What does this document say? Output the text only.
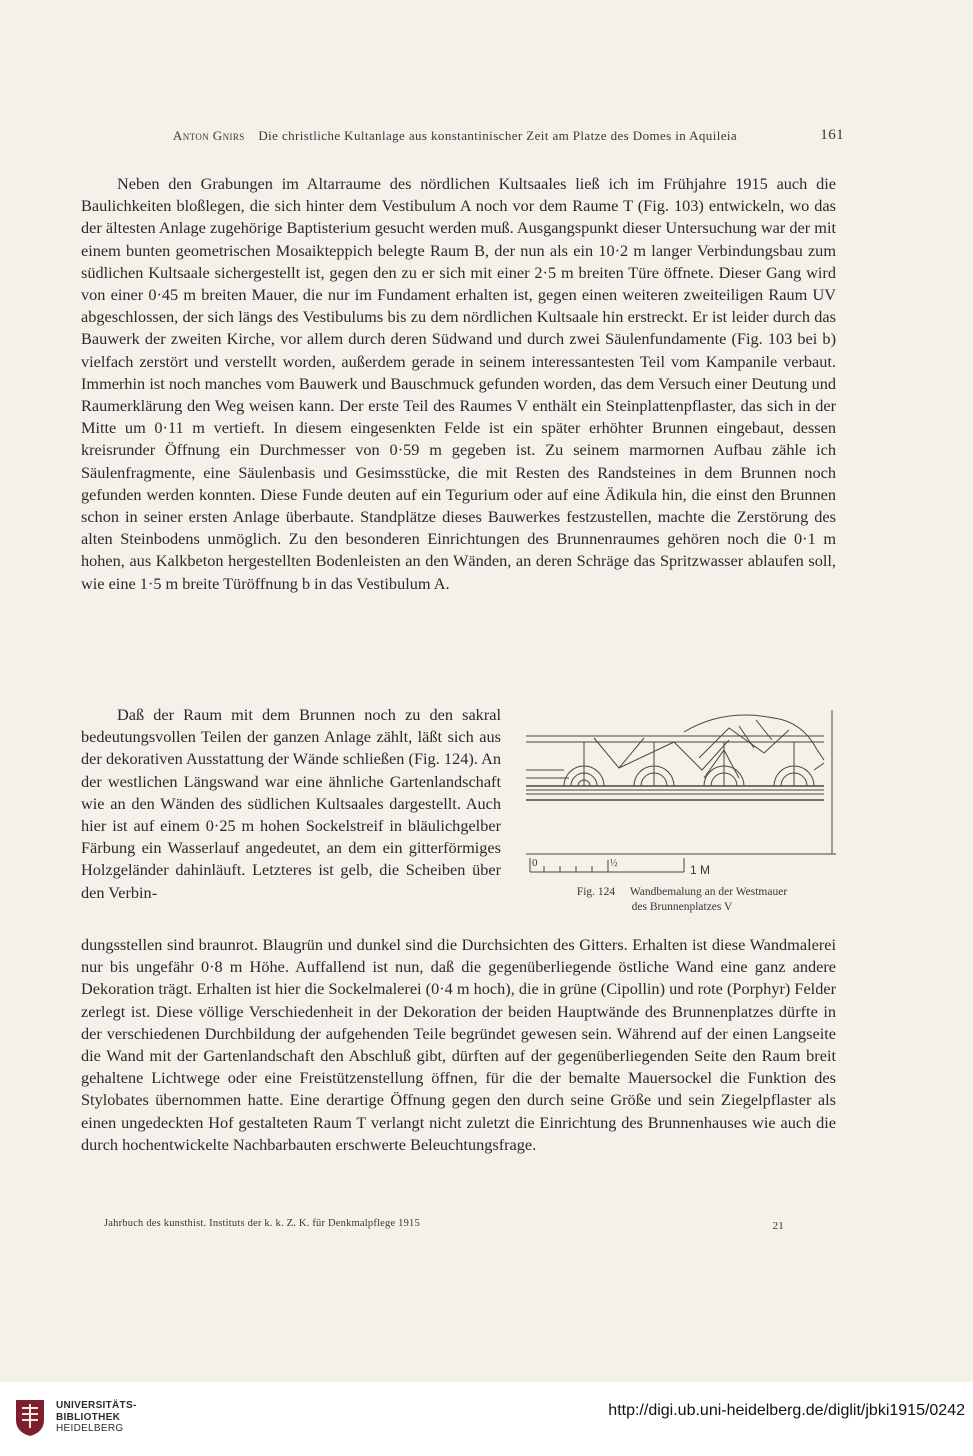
Anton Gnirs Die christliche Kultanlage aus konstantinischer Zeit am Platze des Domes in Aquileia	161

Neben den Grabungen im Altarraume des nördlichen Kultsaales ließ ich im Frühjahre 1915 auch die Baulichkeiten bloßlegen, die sich hinter dem Vestibulum A noch vor dem Raume T (Fig. 103) entwickeln, wo das der ältesten Anlage zugehörige Baptisterium gesucht werden muß. Ausgangspunkt dieser Untersuchung war der mit einem bunten geometrischen Mosaikteppich belegte Raum B, der nun als ein 10·2 m langer Verbindungsbau zum südlichen Kultsaale sichergestellt ist, gegen den zu er sich mit einer 2·5 m breiten Türe öffnete. Dieser Gang wird von einer 0·45 m breiten Mauer, die nur im Fundament erhalten ist, gegen einen weiteren zweiteiligen Raum UV abgeschlossen, der sich längs des Vestibulums bis zu dem nördlichen Kultsaale hin erstreckt. Er ist leider durch das Bauwerk der zweiten Kirche, vor allem durch deren Südwand und durch zwei Säulenfundamente (Fig. 103 bei b) vielfach zerstört und verstellt worden, außerdem gerade in seinem interessantesten Teil vom Kampanile verbaut. Immerhin ist noch manches vom Bauwerk und Bauschmuck gefunden worden, das dem Versuch einer Deutung und Raumerklärung den Weg weisen kann. Der erste Teil des Raumes V enthält ein Steinplattenpflaster, das sich in der Mitte um 0·11 m vertieft. In diesem eingesenkten Felde ist ein später erhöhter Brunnen eingebaut, dessen kreisrunder Öffnung ein Durchmesser von 0·59 m gegeben ist. Zu seinem marmornen Aufbau zähle ich Säulenfragmente, eine Säulenbasis und Gesimsstücke, die mit Resten des Randsteines in dem Brunnen noch gefunden werden konnten. Diese Funde deuten auf ein Tegurium oder auf eine Ädikula hin, die einst den Brunnen schon in seiner ersten Anlage überbaute. Standplätze dieses Bauwerkes festzustellen, machte die Zerstörung des alten Steinbodens unmöglich. Zu den besonderen Einrichtungen des Brunnenraumes gehören noch die 0·1 m hohen, aus Kalkbeton hergestellten Bodenleisten an den Wänden, an deren Schräge das Spritzwasser ablaufen soll, wie eine 1·5 m breite Türöffnung b in das Vestibulum A.

Daß der Raum mit dem Brunnen noch zu den sakral bedeutungsvollen Teilen der ganzen Anlage zählt, läßt sich aus der dekorativen Ausstattung der Wände schließen (Fig. 124). An der westlichen Längswand war eine ähnliche Gartenlandschaft wie an den Wänden des südlichen Kultsaales dargestellt. Auch hier ist auf einem 0·25 m hohen Sockelstreif in bläulichgelber Färbung ein Wasserlauf angedeutet, an dem ein gitterförmiges Holzgeländer dahinläuft. Letzteres ist gelb, die Scheiben über den Verbin-

0	½	1 M
Fig. 124 Wandbemalung an der Westmauer
des Brunnenplatzes V

dungsstellen sind braunrot. Blaugrün und dunkel sind die Durchsichten des Gitters. Erhalten ist diese Wandmalerei nur bis ungefähr 0·8 m Höhe. Auffallend ist nun, daß die gegenüberliegende östliche Wand eine ganz andere Dekoration trägt. Erhalten ist hier die Sockelmalerei (0·4 m hoch), die in grüne (Cipollin) und rote (Porphyr) Felder zerlegt ist. Diese völlige Verschiedenheit in der Dekoration der beiden Hauptwände des Brunnenplatzes dürfte in der verschiedenen Durchbildung der aufgehenden Teile begründet gewesen sein. Während auf der einen Langseite die Wand mit der Gartenlandschaft den Abschluß gibt, dürften auf der gegenüberliegenden Seite den Raum breit gehaltene Lichtwege oder eine Freistützenstellung öffnen, für die der bemalte Mauersockel die Funktion des Stylobates übernommen hatte. Eine derartige Öffnung gegen den durch seine Größe und sein Ziegelpflaster als einen ungedeckten Hof gestalteten Raum T verlangt nicht zuletzt die Einrichtung des Brunnenhauses wie auch die durch hochentwickelte Nachbarbauten erschwerte Beleuchtungsfrage.

Jahrbuch des kunsthist. Instituts der k. k. Z. K. für Denkmalpflege 1915	21
UNIVERSITÄTS-
BIBLIOTHEK
HEIDELBERG
http://digi.ub.uni-heidelberg.de/diglit/jbki1915/0242
